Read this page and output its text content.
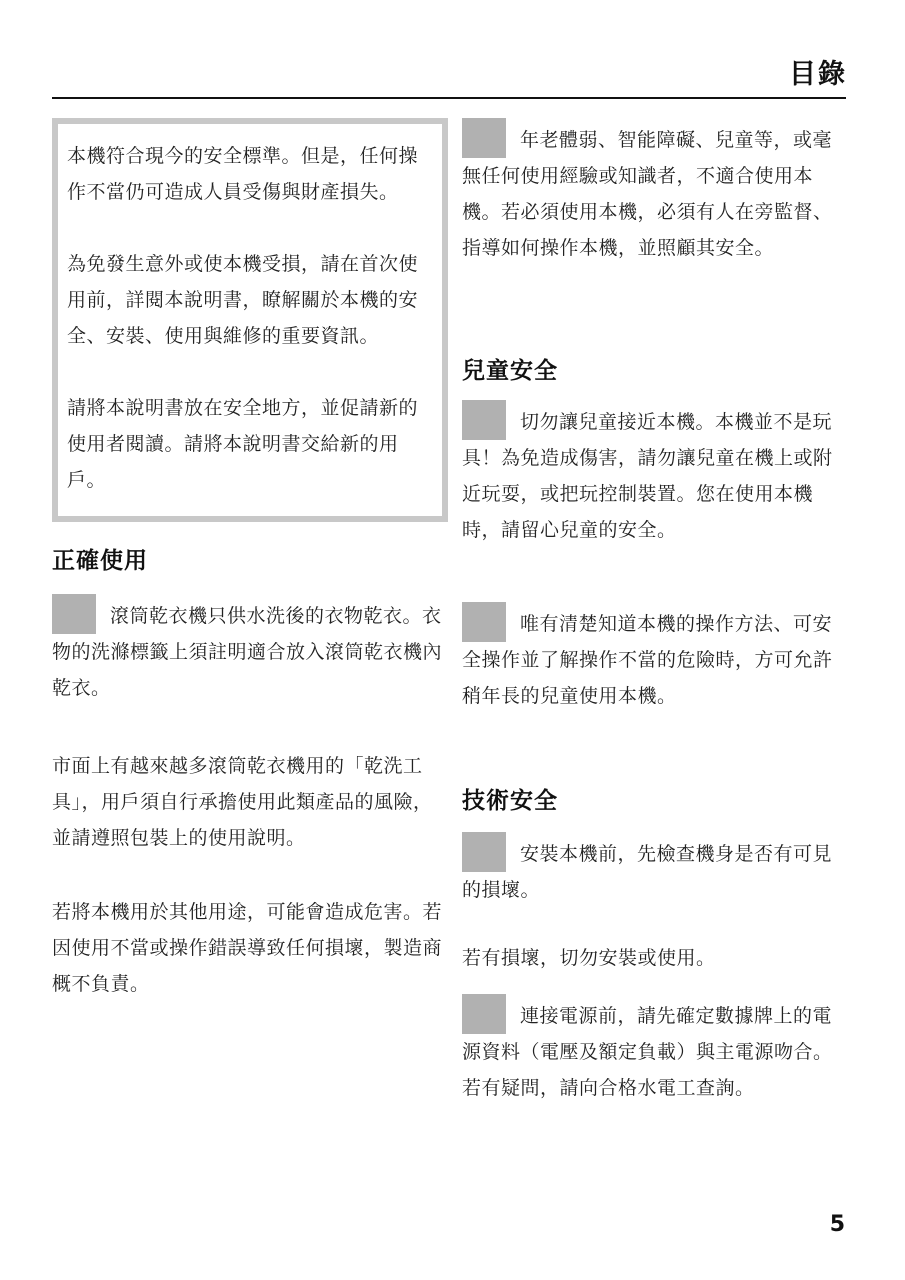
目錄

本機符合現今的安全標準。但是，任何操作不當仍可造成人員受傷與財產損失。

為免發生意外或使本機受損，請在首次使用前，詳閱本說明書，瞭解關於本機的安全、安裝、使用與維修的重要資訊。

請將本說明書放在安全地方，並促請新的使用者閱讀。請將本說明書交給新的用戶。

正確使用

滾筒乾衣機只供水洗後的衣物乾衣。衣物的洗滌標籤上須註明適合放入滾筒乾衣機內乾衣。

市面上有越來越多滾筒乾衣機用的「乾洗工具」，用戶須自行承擔使用此類產品的風險，並請遵照包裝上的使用說明。

若將本機用於其他用途，可能會造成危害。若因使用不當或操作錯誤導致任何損壞，製造商概不負責。

年老體弱、智能障礙、兒童等，或毫無任何使用經驗或知識者，不適合使用本機。若必須使用本機，必須有人在旁監督、指導如何操作本機，並照顧其安全。

兒童安全

切勿讓兒童接近本機。本機並不是玩具！為免造成傷害，請勿讓兒童在機上或附近玩耍，或把玩控制裝置。您在使用本機時，請留心兒童的安全。

唯有清楚知道本機的操作方法、可安全操作並了解操作不當的危險時，方可允許稍年長的兒童使用本機。

技術安全

安裝本機前，先檢查機身是否有可見的損壞。

若有損壞，切勿安裝或使用。

連接電源前，請先確定數據牌上的電源資料（電壓及額定負載）與主電源吻合。若有疑問，請向合格水電工查詢。

5
